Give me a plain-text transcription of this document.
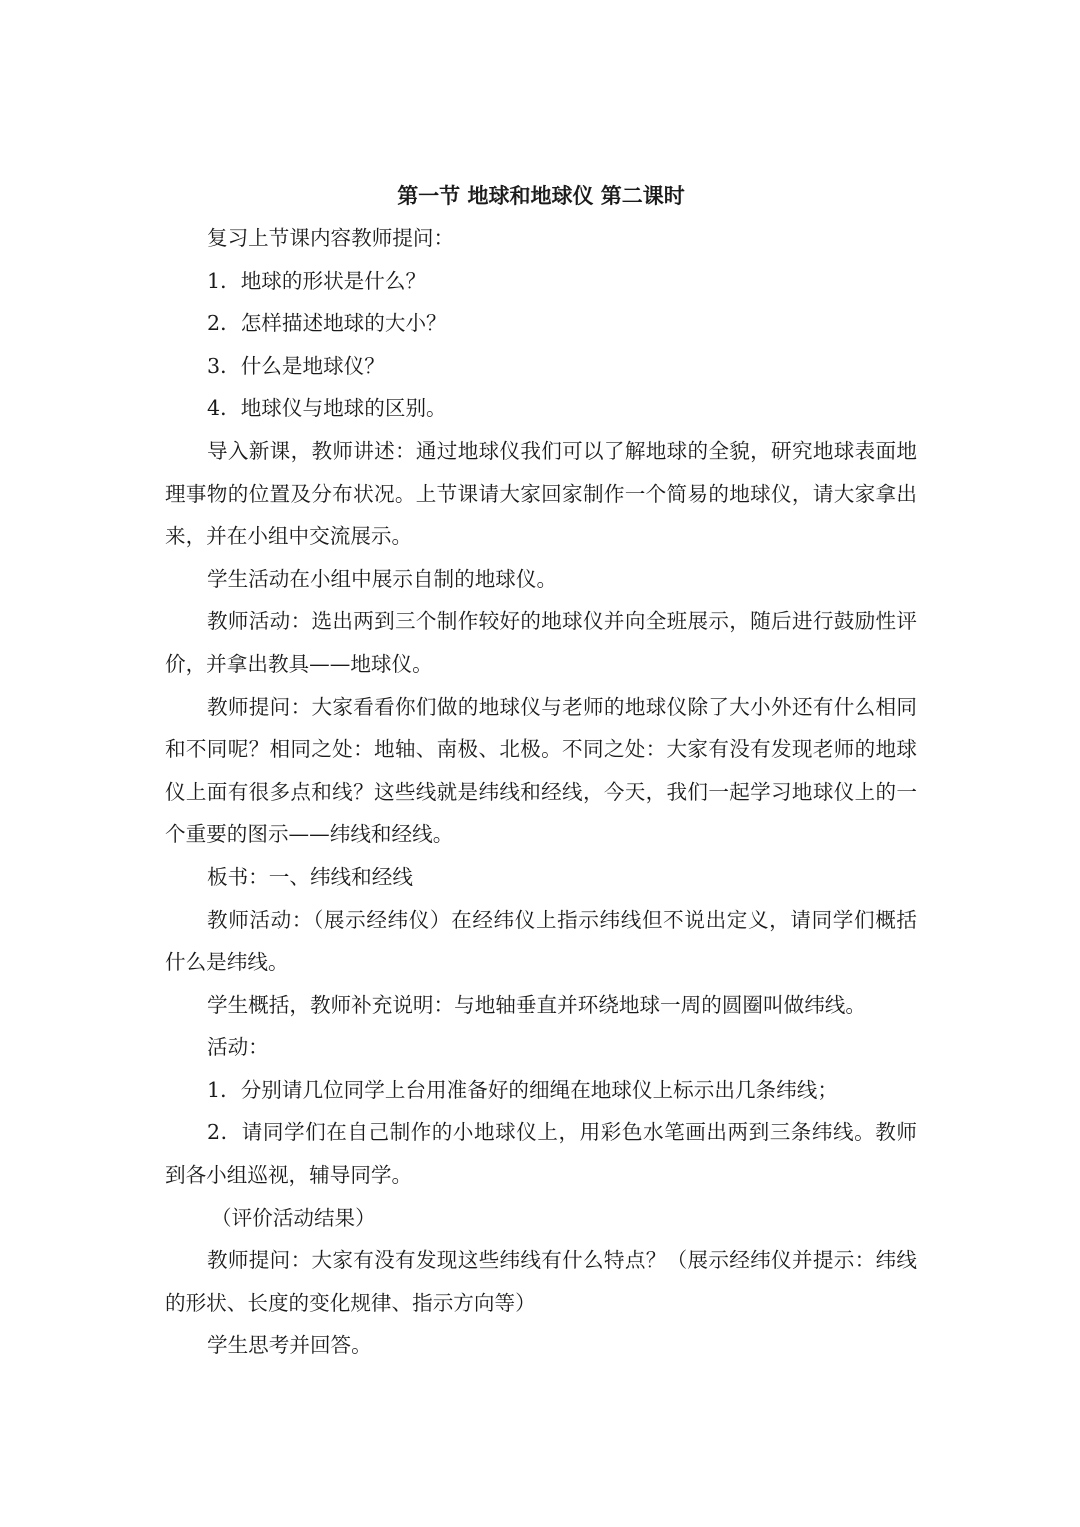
第一节 地球和地球仪 第二课时

复习上节课内容教师提问：

1．地球的形状是什么？

2．怎样描述地球的大小？

3．什么是地球仪？

4．地球仪与地球的区别。

导入新课，教师讲述：通过地球仪我们可以了解地球的全貌，研究地球表面地理事物的位置及分布状况。上节课请大家回家制作一个简易的地球仪，请大家拿出来，并在小组中交流展示。

学生活动在小组中展示自制的地球仪。

教师活动：选出两到三个制作较好的地球仪并向全班展示，随后进行鼓励性评价，并拿出教具——地球仪。

教师提问：大家看看你们做的地球仪与老师的地球仪除了大小外还有什么相同和不同呢？相同之处：地轴、南极、北极。不同之处：大家有没有发现老师的地球仪上面有很多点和线？这些线就是纬线和经线，今天，我们一起学习地球仪上的一个重要的图示——纬线和经线。

板书：一、纬线和经线

教师活动：（展示经纬仪）在经纬仪上指示纬线但不说出定义，请同学们概括什么是纬线。

学生概括，教师补充说明：与地轴垂直并环绕地球一周的圆圈叫做纬线。

活动：

1．分别请几位同学上台用准备好的细绳在地球仪上标示出几条纬线；

2．请同学们在自己制作的小地球仪上，用彩色水笔画出两到三条纬线。教师到各小组巡视，辅导同学。

（评价活动结果）

教师提问：大家有没有发现这些纬线有什么特点？（展示经纬仪并提示：纬线的形状、长度的变化规律、指示方向等）

学生思考并回答。
